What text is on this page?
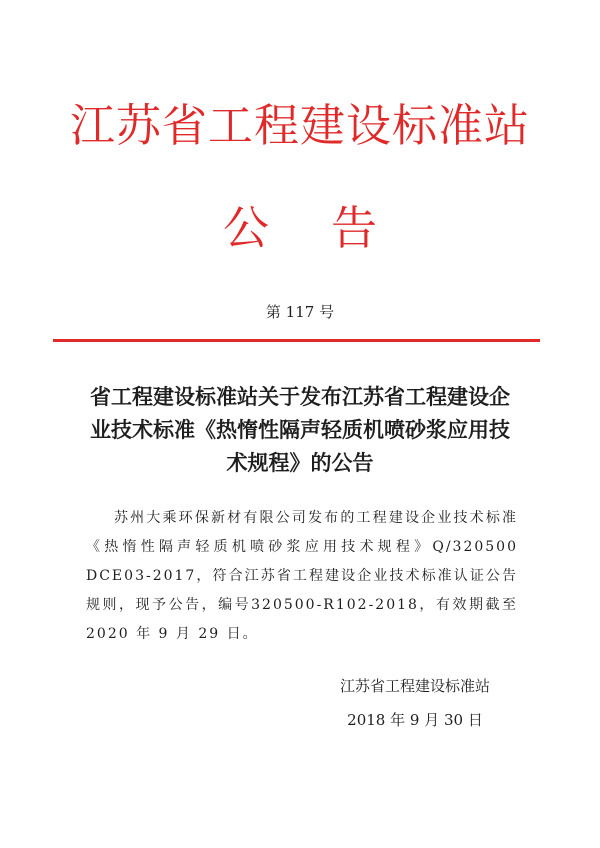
江苏省工程建设标准站
公告
第 117 号
省工程建设标准站关于发布江苏省工程建设企业技术标准《热惰性隔声轻质机喷砂浆应用技术规程》的公告
苏州大乘环保新材有限公司发布的工程建设企业技术标准《热惰性隔声轻质机喷砂浆应用技术规程》Q/320500 DCE03-2017，符合江苏省工程建设企业技术标准认证公告规则，现予公告，编号320500-R102-2018，有效期截至 2020 年 9 月 29 日。
江苏省工程建设标准站
2018 年 9 月 30 日
